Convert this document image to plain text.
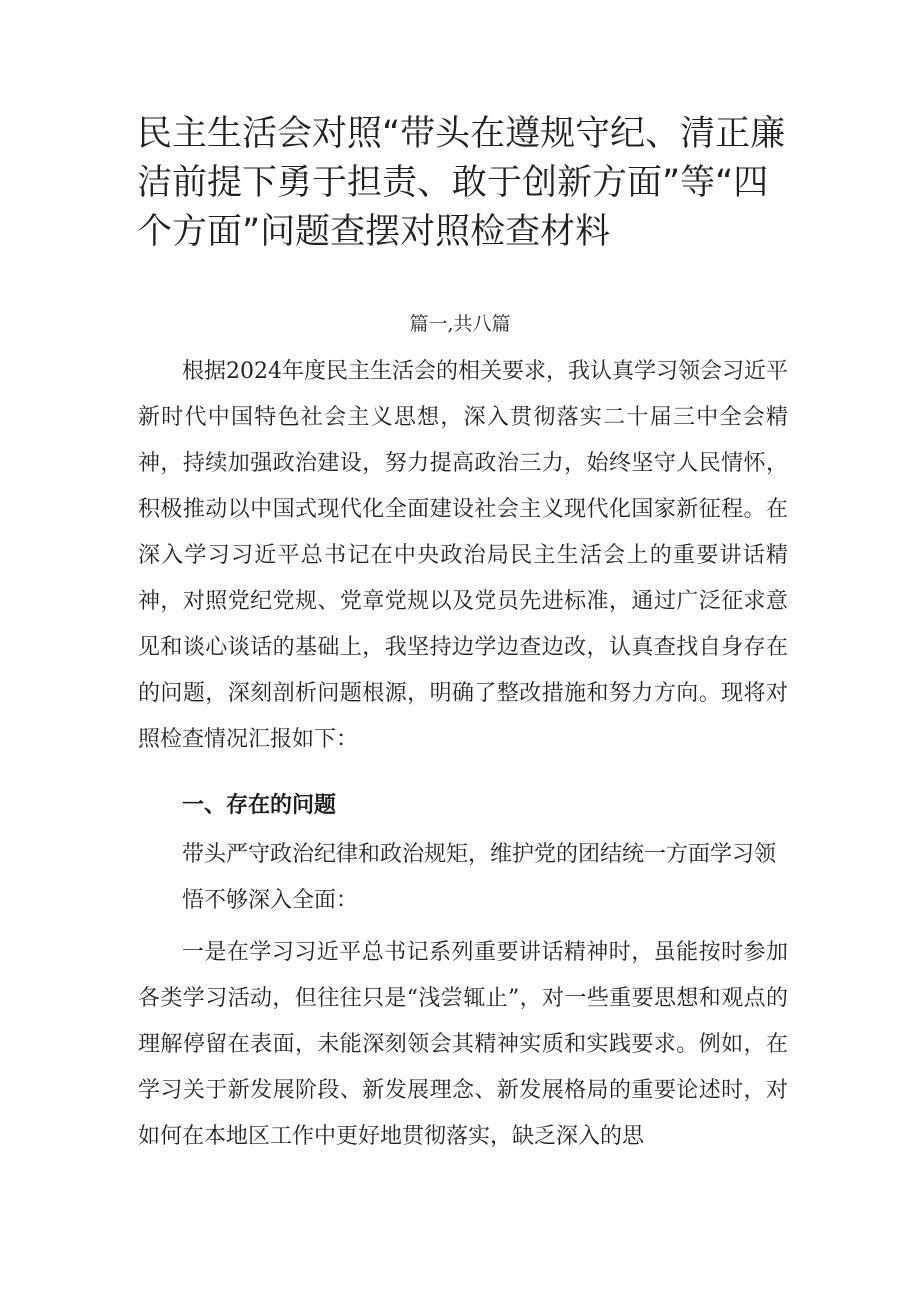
民主生活会对照“带头在遵规守纪、清正廉洁前提下勇于担责、敢于创新方面”等“四个方面”问题查摆对照检查材料
篇一,共八篇

根据2024年度民主生活会的相关要求，我认真学习领会习近平新时代中国特色社会主义思想，深入贯彻落实二十届三中全会精神，持续加强政治建设，努力提高政治三力，始终坚守人民情怀，积极推动以中国式现代化全面建设社会主义现代化国家新征程。在深入学习习近平总书记在中央政治局民主生活会上的重要讲话精神，对照党纪党规、党章党规以及党员先进标准，通过广泛征求意见和谈心谈话的基础上，我坚持边学边查边改，认真查找自身存在的问题，深刻剖析问题根源，明确了整改措施和努力方向。现将对照检查情况汇报如下：

一、存在的问题

带头严守政治纪律和政治规矩，维护党的团结统一方面学习领悟不够深入全面：

一是在学习习近平总书记系列重要讲话精神时，虽能按时参加各类学习活动，但往往只是“浅尝辄止”，对一些重要思想和观点的理解停留在表面，未能深刻领会其精神实质和实践要求。例如，在学习关于新发展阶段、新发展理念、新发展格局的重要论述时，对如何在本地区工作中更好地贯彻落实，缺乏深入的思
